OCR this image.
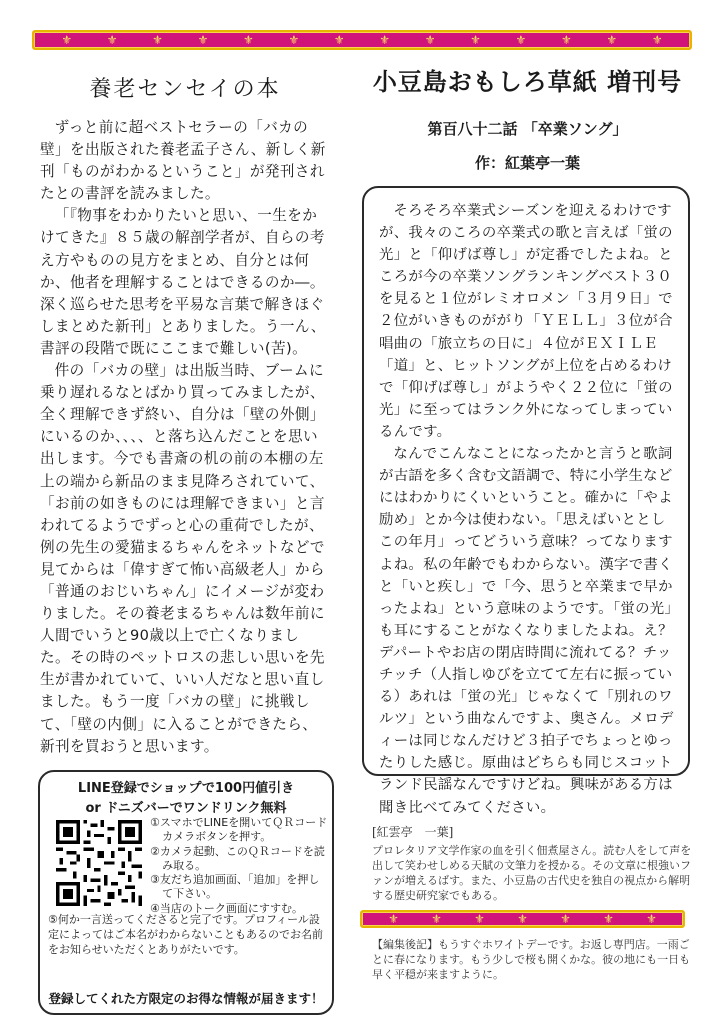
⚜	⚜	⚜	⚜	⚜	⚜	⚜	⚜	⚜	⚜	⚜	⚜	⚜	⚜
養老センセイの本

ずっと前に超ベストセラーの「バカの壁」を出版された養老孟子さん、新しく新刊「ものがわかるということ」が発刊されたとの書評を読みました。

「『物事をわかりたいと思い、一生をかけてきた』８５歳の解剖学者が、自らの考え方やものの見方をまとめ、自分とは何か、他者を理解することはできるのか―。深く巡らせた思考を平易な言葉で解きほぐしまとめた新刊」とありました。う一ん、書評の段階で既にここまで難しい(苦)。

件の「バカの壁」は出版当時、ブームに乗り遅れるなとばかり買ってみましたが、全く理解できず終い、自分は「壁の外側」にいるのか、、、、と落ち込んだことを思い出します。今でも書斎の机の前の本棚の左上の端から新品のまま見降ろされていて、「お前の如きものには理解できまい」と言われてるようでずっと心の重荷でしたが、例の先生の愛猫まるちゃんをネットなどで見てからは「偉すぎて怖い高級老人」から「普通のおじいちゃん」にイメージが変わりました。その養老まるちゃんは数年前に人間でいうと90歳以上で亡くなりました。その時のペットロスの悲しい思いを先生が書かれていて、いい人だなと思い直しました。もう一度「バカの壁」に挑戦して、「壁の内側」に入ることができたら、新刊を買おうと思います。

小豆島おもしろ草紙 増刊号
第百八十二話 「卒業ソング」
作：紅葉亭一葉

そろそろ卒業式シーズンを迎えるわけですが、我々のころの卒業式の歌と言えば「蛍の光」と「仰げば尊し」が定番でしたよね。ところが今の卒業ソングランキングベスト３０を見ると１位がレミオロメン「３月９日」で２位がいきものががり「ＹＥＬＬ」３位が合唱曲の「旅立ちの日に」４位がＥＸＩＬＥ「道」と、ヒットソングが上位を占めるわけで「仰げば尊し」がようやく２２位に「蛍の光」に至ってはランク外になってしまっているんです。

なんでこんなことになったかと言うと歌詞が古語を多く含む文語調で、特に小学生などにはわかりにくいということ。確かに「やよ励め」とか今は使わない。「思えばいととしこの年月」ってどういう意味？ってなりますよね。私の年齢でもわからない。漢字で書くと「いと疾し」で「今、思うと卒業まで早かったよね」という意味のようです。「蛍の光」も耳にすることがなくなりましたよね。え？デパートやお店の閉店時間に流れてる？チッチッチ（人指しゆびを立てて左右に振っている）あれは「蛍の光」じゃなくて「別れのワルツ」という曲なんですよ、奥さん。メロディーは同じなんだけど３拍子でちょっとゆったりした感じ。原曲はどちらも同じスコットランド民謡なんですけどね。興味がある方は聞き比べてみてください。

LINE登録でショップで100円値引き
or ドニズバーでワンドリンク無料
①スマホでLINEを開いてＱＲコードカメラボタンを押す。
②カメラ起動、このＱＲコードを読み取る。
③友だち追加画面、「追加」を押して下さい。
④当店のトーク画面にすすむ。
⑤何か一言送ってくださると完了です。プロフィール設定によってはご本名がわからないこともあるのでお名前をお知らせいただくとありがたいです。
登録してくれた方限定のお得な情報が届きます！
[紅雲亭　一葉]
プロレタリア文学作家の血を引く佃煮屋さん。読む人をして声を出して笑わせしめる天賦の文筆力を授かる。その文章に根強いファンが増えるばす。また、小豆島の古代史を独自の視点から解明する歴史研究家でもある。
⚜	⚜	⚜	⚜	⚜	⚜	⚜
【編集後記】もうすぐホワイトデーです。お返し専門店。一雨ごとに春になります。もう少しで桜も開くかな。彼の地にも一日も早く平穏が来ますように。
